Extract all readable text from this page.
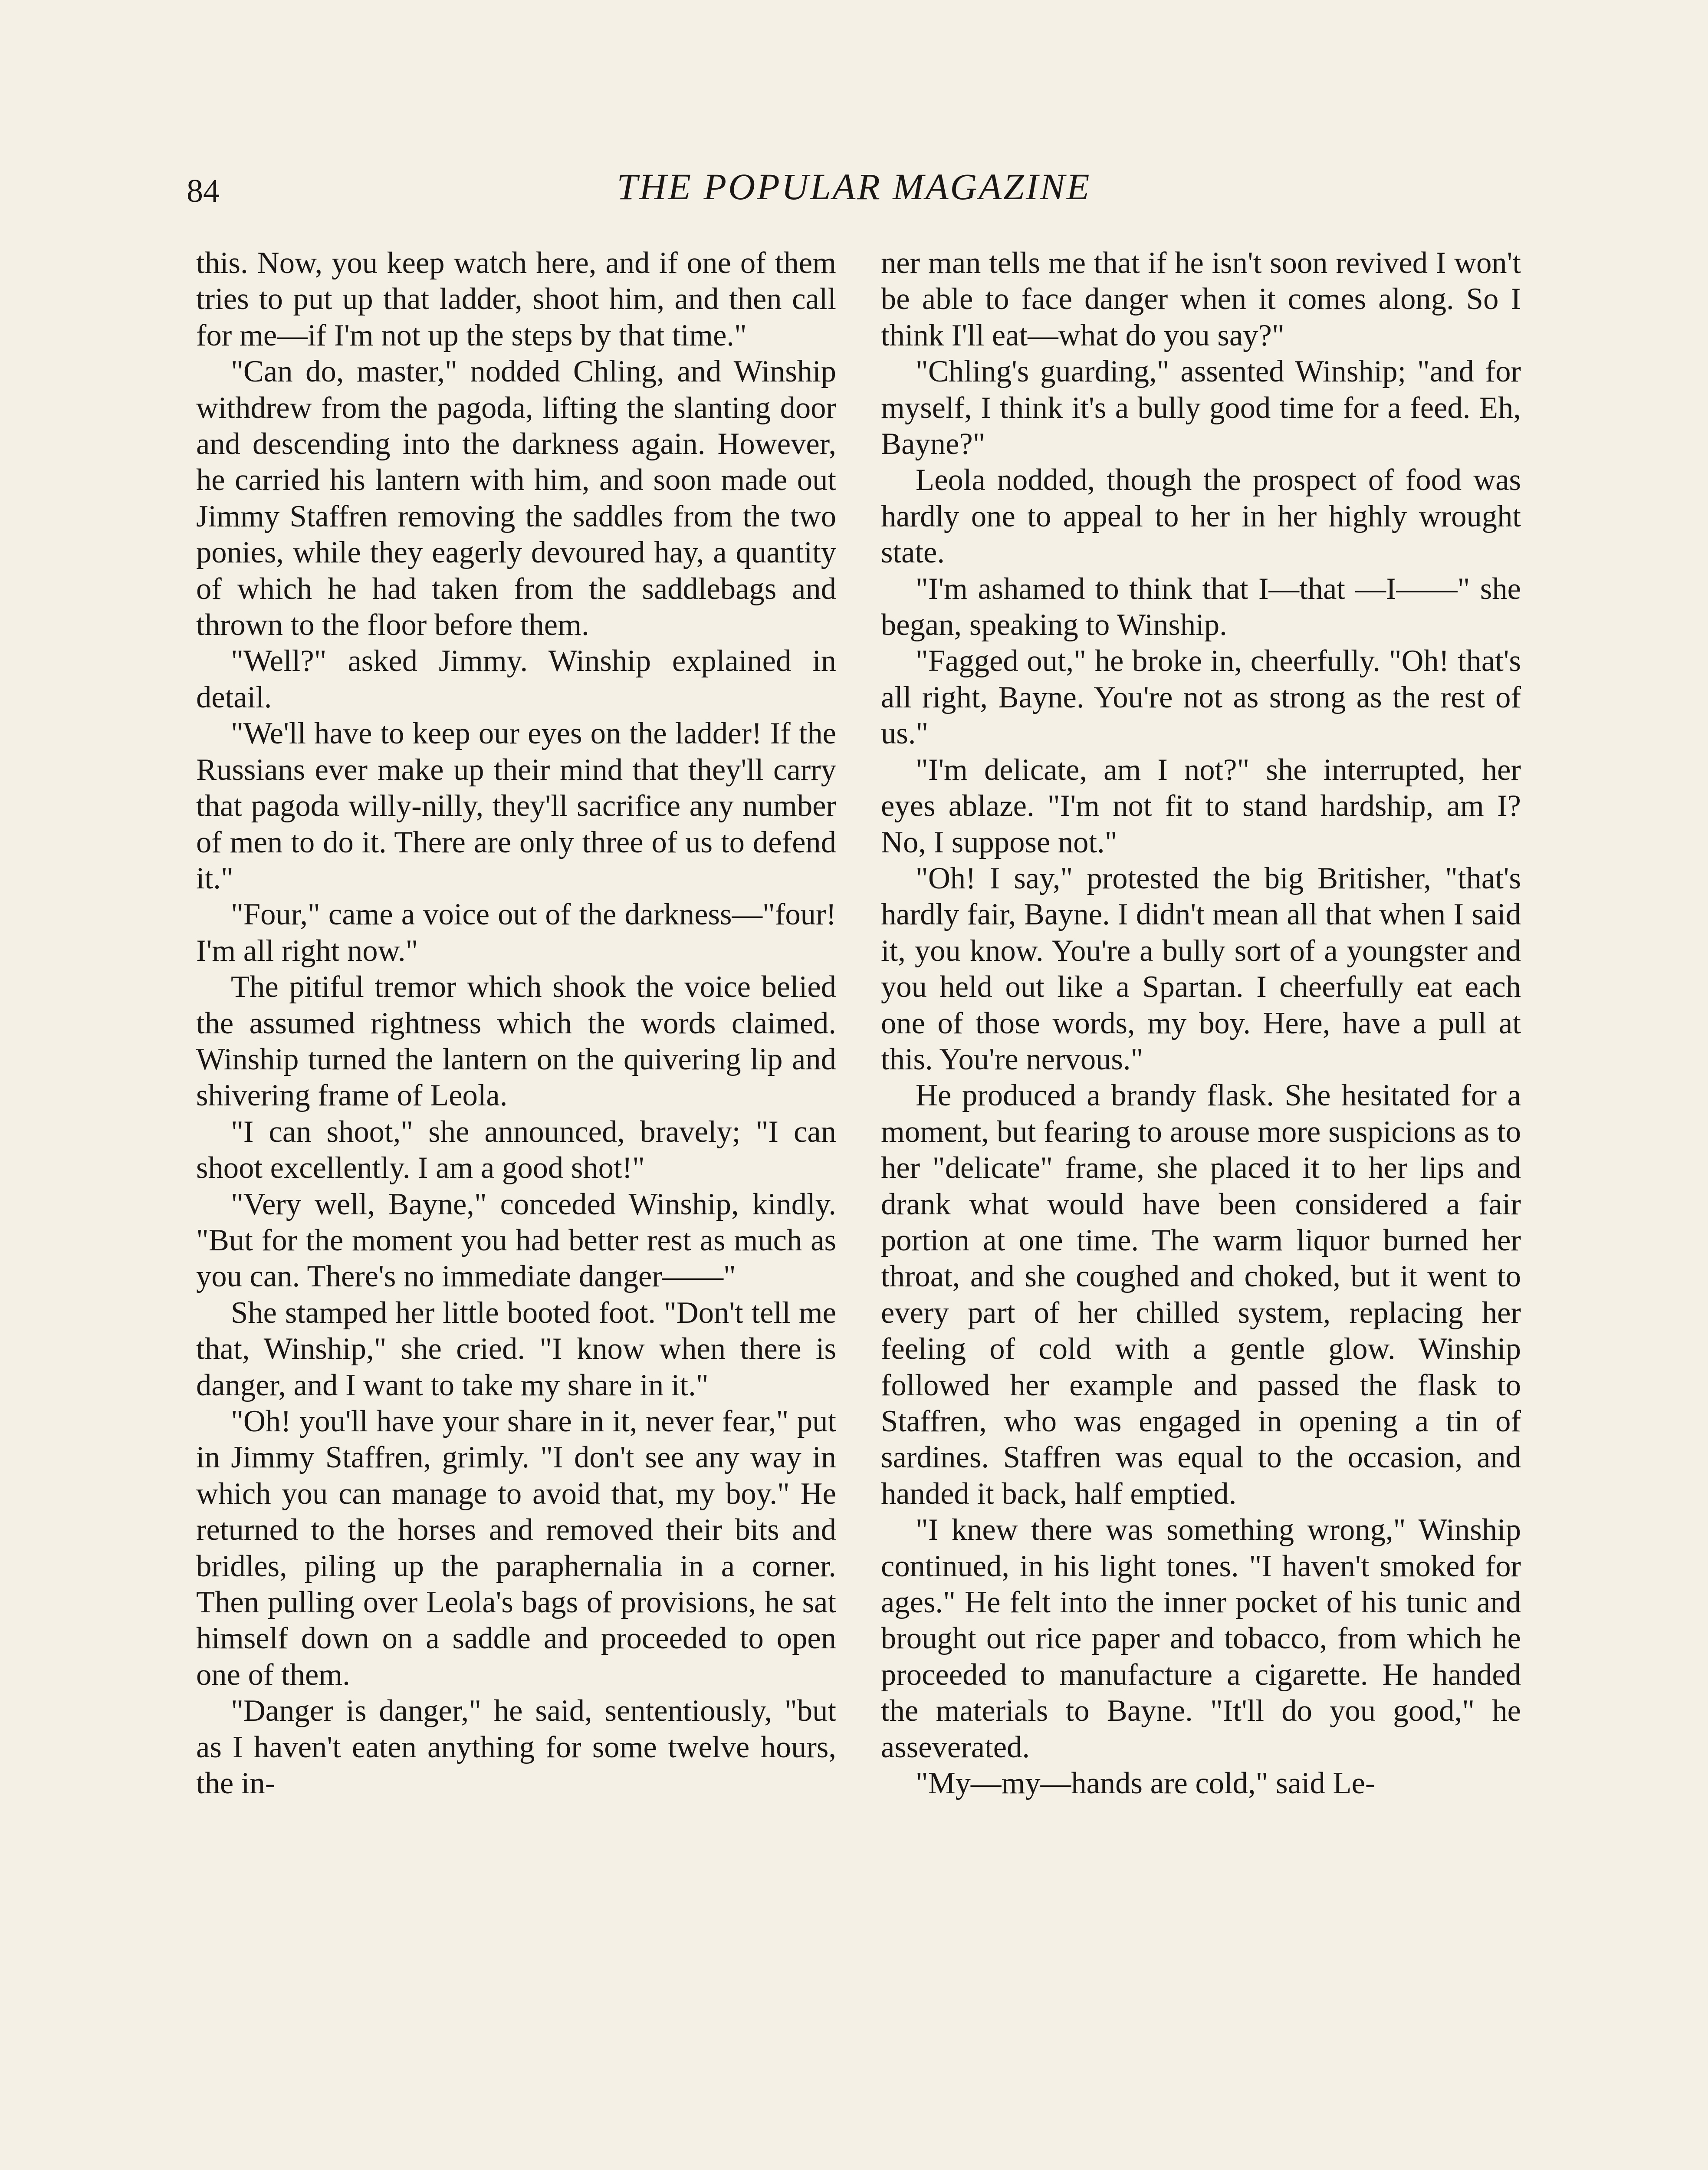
84	THE POPULAR MAGAZINE

this. Now, you keep watch here, and if one of them tries to put up that ladder, shoot him, and then call for me—if I'm not up the steps by that time."

"Can do, master," nodded Chling, and Winship withdrew from the pagoda, lifting the slanting door and descending into the darkness again. However, he carried his lantern with him, and soon made out Jimmy Staffren removing the saddles from the two ponies, while they eagerly devoured hay, a quantity of which he had taken from the saddlebags and thrown to the floor before them.

"Well?" asked Jimmy. Winship explained in detail.

"We'll have to keep our eyes on the ladder! If the Russians ever make up their mind that they'll carry that pagoda willy-nilly, they'll sacrifice any number of men to do it. There are only three of us to defend it."

"Four," came a voice out of the darkness—"four! I'm all right now."

The pitiful tremor which shook the voice belied the assumed rightness which the words claimed. Winship turned the lantern on the quivering lip and shivering frame of Leola.

"I can shoot," she announced, bravely; "I can shoot excellently. I am a good shot!"

"Very well, Bayne," conceded Winship, kindly. "But for the moment you had better rest as much as you can. There's no immediate danger——"

She stamped her little booted foot. "Don't tell me that, Winship," she cried. "I know when there is danger, and I want to take my share in it."

"Oh! you'll have your share in it, never fear," put in Jimmy Staffren, grimly. "I don't see any way in which you can manage to avoid that, my boy." He returned to the horses and removed their bits and bridles, piling up the paraphernalia in a corner. Then pulling over Leola's bags of provisions, he sat himself down on a saddle and proceeded to open one of them.

"Danger is danger," he said, sententiously, "but as I haven't eaten anything for some twelve hours, the in-

ner man tells me that if he isn't soon revived I won't be able to face danger when it comes along. So I think I'll eat—what do you say?"

"Chling's guarding," assented Winship; "and for myself, I think it's a bully good time for a feed. Eh, Bayne?"

Leola nodded, though the prospect of food was hardly one to appeal to her in her highly wrought state.

"I'm ashamed to think that I—that —I——" she began, speaking to Winship.

"Fagged out," he broke in, cheerfully. "Oh! that's all right, Bayne. You're not as strong as the rest of us."

"I'm delicate, am I not?" she interrupted, her eyes ablaze. "I'm not fit to stand hardship, am I? No, I suppose not."

"Oh! I say," protested the big Britisher, "that's hardly fair, Bayne. I didn't mean all that when I said it, you know. You're a bully sort of a youngster and you held out like a Spartan. I cheerfully eat each one of those words, my boy. Here, have a pull at this. You're nervous."

He produced a brandy flask. She hesitated for a moment, but fearing to arouse more suspicions as to her "delicate" frame, she placed it to her lips and drank what would have been considered a fair portion at one time. The warm liquor burned her throat, and she coughed and choked, but it went to every part of her chilled system, replacing her feeling of cold with a gentle glow. Winship followed her example and passed the flask to Staffren, who was engaged in opening a tin of sardines. Staffren was equal to the occasion, and handed it back, half emptied.

"I knew there was something wrong," Winship continued, in his light tones. "I haven't smoked for ages." He felt into the inner pocket of his tunic and brought out rice paper and tobacco, from which he proceeded to manufacture a cigarette. He handed the materials to Bayne. "It'll do you good," he asseverated.

"My—my—hands are cold," said Le-
